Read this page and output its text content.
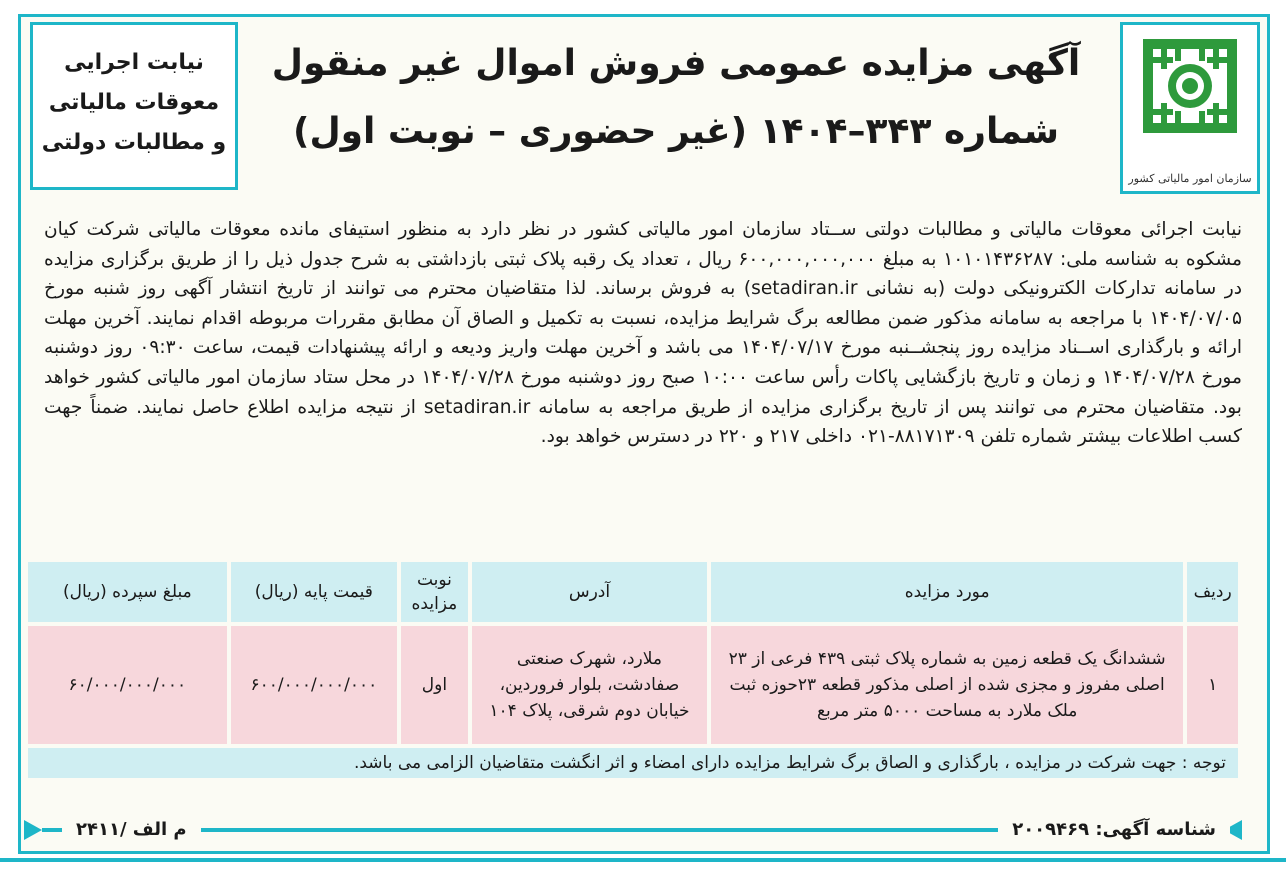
سازمان امور مالیاتی کشور
نیابت اجرایی
معوقات مالیاتی
و مطالبات دولتی
آگهی مزایده عمومی فروش اموال غیر منقول
شماره ۳۴۳–۱۴۰۴ (غیر حضوری – نوبت اول)

نیابت اجرائی معوقات مالیاتی و مطالبات دولتی ســتاد سازمان امور مالیاتی کشور در نظر دارد به منظور استیفای مانده معوقات مالیاتی شرکت کیان مشکوه به شناسه ملی: ۱۰۱۰۱۴۳۶۲۸۷ به مبلغ ۶۰۰,۰۰۰,۰۰۰,۰۰۰ ریال ، تعداد یک رقبه پلاک ثبتی بازداشتی به شرح جدول ذیل را از طریق برگزاری مزایده در سامانه تدارکات الکترونیکی دولت (به نشانی setadiran.ir) به فروش برساند. لذا متقاضیان محترم می توانند از تاریخ انتشار آگهی روز شنبه مورخ ۱۴۰۴/۰۷/۰۵ با مراجعه به سامانه مذکور ضمن مطالعه برگ شرایط مزایده، نسبت به تکمیل و الصاق آن مطابق مقررات مربوطه اقدام نمایند. آخرین مهلت ارائه و بارگذاری اســناد مزایده روز پنجشــنبه مورخ ۱۴۰۴/۰۷/۱۷ می باشد و آخرین مهلت واریز ودیعه و ارائه پیشنهادات قیمت، ساعت ۰۹:۳۰ روز دوشنبه مورخ ۱۴۰۴/۰۷/۲۸ و زمان و تاریخ بازگشایی پاکات رأس ساعت ۱۰:۰۰ صبح روز دوشنبه مورخ ۱۴۰۴/۰۷/۲۸ در محل ستاد سازمان امور مالیاتی کشور خواهد بود. متقاضیان محترم می توانند پس از تاریخ برگزاری مزایده از طریق مراجعه به سامانه setadiran.ir از نتیجه مزایده اطلاع حاصل نمایند. ضمناً جهت کسب اطلاعات بیشتر شماره تلفن ۸۸۱۷۱۳۰۹-۰۲۱ داخلی ۲۱۷ و ۲۲۰ در دسترس خواهد بود.

ردیف	مورد مزایده	آدرس	نوبت مزایده	قیمت پایه (ریال)	مبلغ سپرده (ریال)
۱	ششدانگ یک قطعه زمین به شماره پلاک ثبتی ۴۳۹ فرعی از ۲۳ اصلی مفروز و مجزی شده از اصلی مذکور قطعه ۲۳حوزه ثبت ملک ملارد به مساحت ۵۰۰۰ متر مربع	ملارد، شهرک صنعتی صفادشت، بلوار فروردین، خیابان دوم شرقی، پلاک ۱۰۴	اول	۶۰۰/۰۰۰/۰۰۰/۰۰۰	۶۰/۰۰۰/۰۰۰/۰۰۰
توجه : جهت شرکت در مزایده ، بارگذاری و الصاق برگ شرایط مزایده دارای امضاء و اثر انگشت متقاضیان الزامی می باشد.					
شناسه آگهی: ۲۰۰۹۴۶۹
م الف /۲۴۱۱
